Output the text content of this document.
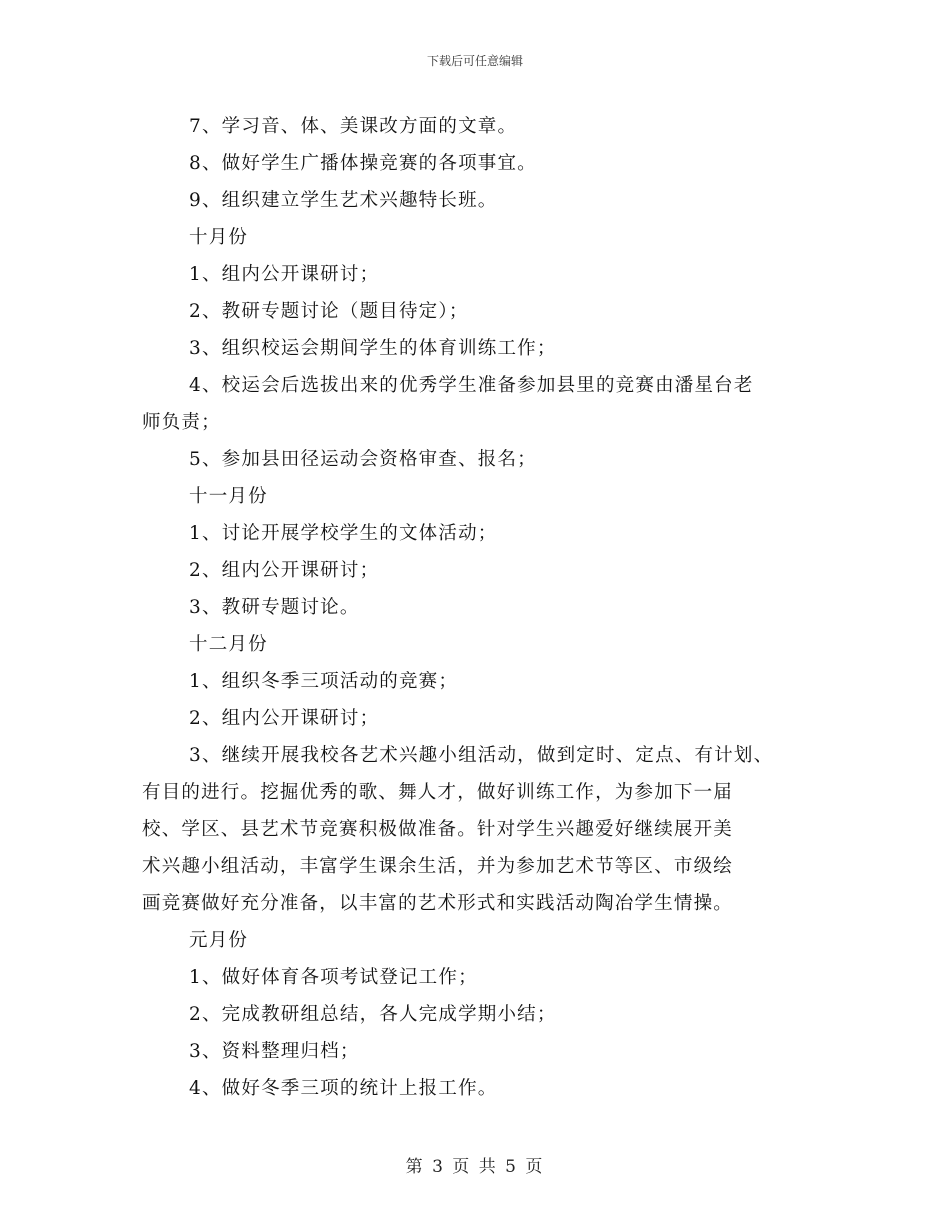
下载后可任意编辑
7、学习音、体、美课改方面的文章。
8、做好学生广播体操竞赛的各项事宜。
9、组织建立学生艺术兴趣特长班。
十月份
1、组内公开课研讨；
2、教研专题讨论（题目待定）；
3、组织校运会期间学生的体育训练工作；
4、校运会后选拔出来的优秀学生准备参加县里的竞赛由潘星台老
师负责；
5、参加县田径运动会资格审查、报名；
十一月份
1、讨论开展学校学生的文体活动；
2、组内公开课研讨；
3、教研专题讨论。
十二月份
1、组织冬季三项活动的竞赛；
2、组内公开课研讨；
3、继续开展我校各艺术兴趣小组活动，做到定时、定点、有计划、
有目的进行。挖掘优秀的歌、舞人才，做好训练工作，为参加下一届
校、学区、县艺术节竞赛积极做准备。针对学生兴趣爱好继续展开美
术兴趣小组活动，丰富学生课余生活，并为参加艺术节等区、市级绘
画竞赛做好充分准备，以丰富的艺术形式和实践活动陶冶学生情操。
元月份
1、做好体育各项考试登记工作；
2、完成教研组总结，各人完成学期小结；
3、资料整理归档；
4、做好冬季三项的统计上报工作。
第 3 页 共 5 页
